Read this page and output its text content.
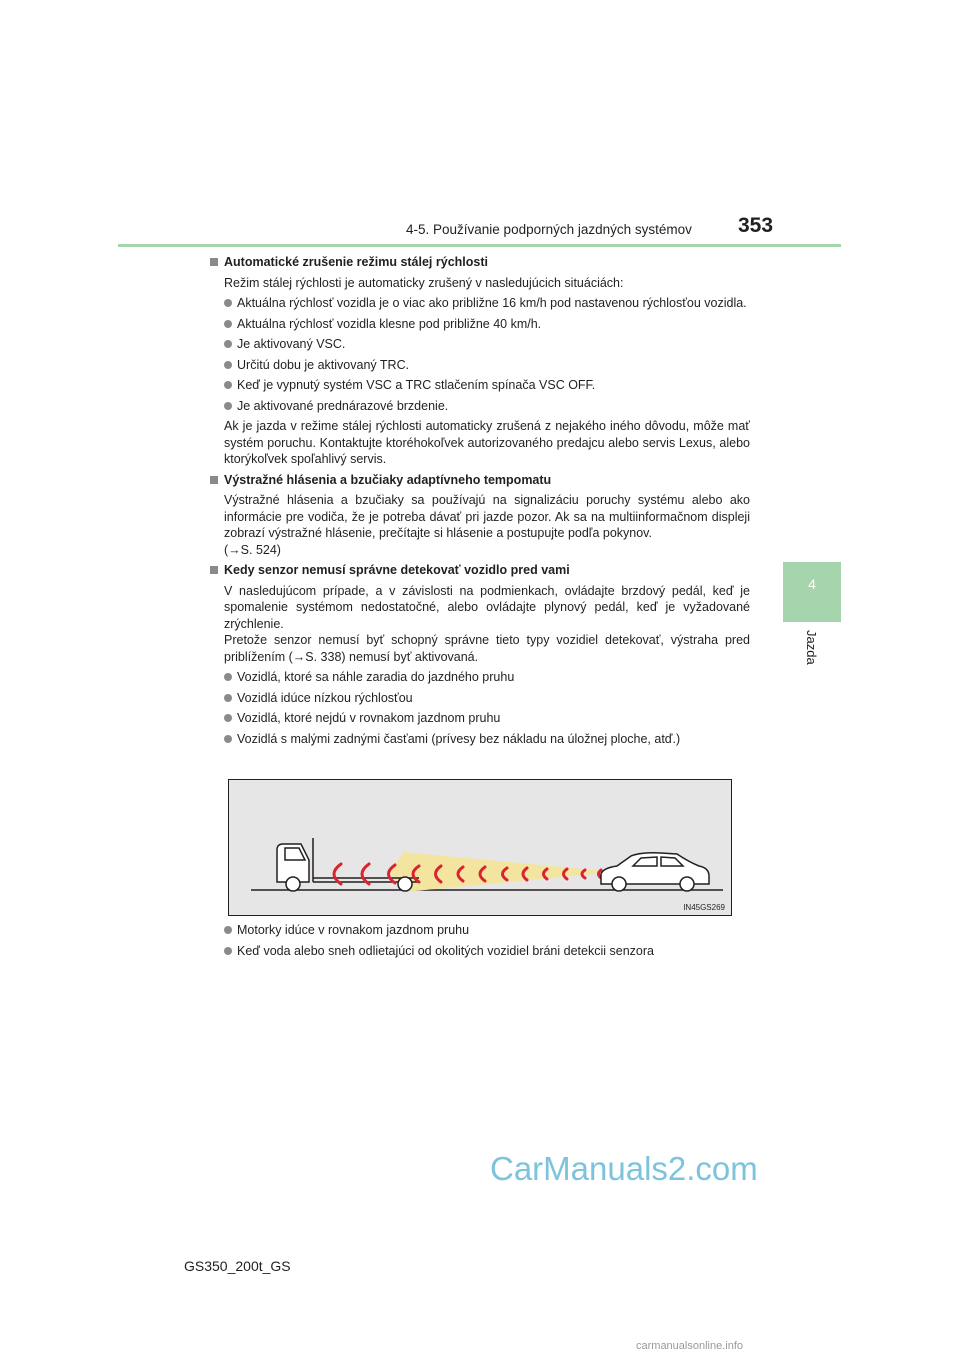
4-5. Používanie podporných jazdných systémov 353
4
Jazda
Automatické zrušenie režimu stálej rýchlosti
Režim stálej rýchlosti je automaticky zrušený v nasledujúcich situáciách:
Aktuálna rýchlosť vozidla je o viac ako približne 16 km/h pod nastavenou rýchlosťou vozidla.
Aktuálna rýchlosť vozidla klesne pod približne 40 km/h.
Je aktivovaný VSC.
Určitú dobu je aktivovaný TRC.
Keď je vypnutý systém VSC a TRC stlačením spínača VSC OFF.
Je aktivované prednárazové brzdenie.
Ak je jazda v režime stálej rýchlosti automaticky zrušená z nejakého iného dôvodu, môže mať systém poruchu. Kontaktujte ktoréhokoľvek autorizovaného predajcu alebo servis Lexus, alebo ktorýkoľvek spoľahlivý servis.
Výstražné hlásenia a bzučiaky adaptívneho tempomatu
Výstražné hlásenia a bzučiaky sa používajú na signalizáciu poruchy systému alebo ako informácie pre vodiča, že je potreba dávať pri jazde pozor. Ak sa na multiinformačnom displeji zobrazí výstražné hlásenie, prečítajte si hlásenie a postupujte podľa pokynov.
(→S. 524)
Kedy senzor nemusí správne detekovať vozidlo pred vami
V nasledujúcom prípade, a v závislosti na podmienkach, ovládajte brzdový pedál, keď je spomalenie systémom nedostatočné, alebo ovládajte plynový pedál, keď je vyžadované zrýchlenie.
Pretože senzor nemusí byť schopný správne tieto typy vozidiel detekovať, výstraha pred priblížením (→S. 338) nemusí byť aktivovaná.
Vozidlá, ktoré sa náhle zaradia do jazdného pruhu
Vozidlá idúce nízkou rýchlosťou
Vozidlá, ktoré nejdú v rovnakom jazdnom pruhu
Vozidlá s malými zadnými časťami (prívesy bez nákladu na úložnej ploche, atď.)
IN45GS269
Motorky idúce v rovnakom jazdnom pruhu
Keď voda alebo sneh odlietajúci od okolitých vozidiel bráni detekcii senzora
GS350_200t_GS
CarManuals2.com
carmanualsonline.info
